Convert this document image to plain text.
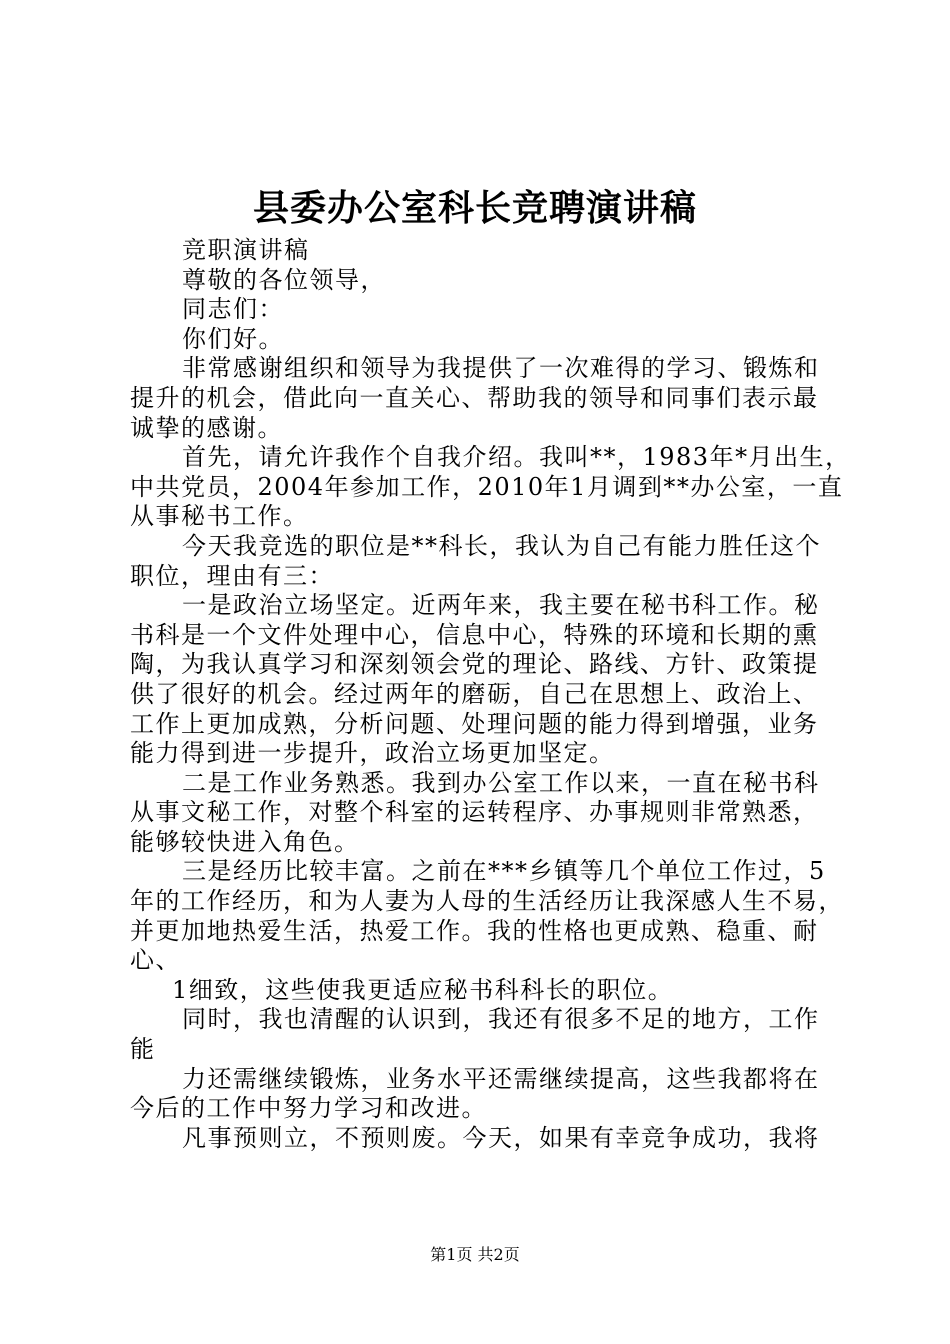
县委办公室科长竞聘演讲稿
竞职演讲稿
尊敬的各位领导，
同志们：
你们好。
非常感谢组织和领导为我提供了一次难得的学习、锻炼和
提升的机会，借此向一直关心、帮助我的领导和同事们表示最
诚挚的感谢。
首先，请允许我作个自我介绍。我叫**，1983年*月出生，
中共党员，2004年参加工作，2010年1月调到**办公室，一直
从事秘书工作。
今天我竞选的职位是**科长，我认为自己有能力胜任这个
职位，理由有三：
一是政治立场坚定。近两年来，我主要在秘书科工作。秘
书科是一个文件处理中心，信息中心，特殊的环境和长期的熏
陶，为我认真学习和深刻领会党的理论、路线、方针、政策提
供了很好的机会。经过两年的磨砺，自己在思想上、政治上、
工作上更加成熟，分析问题、处理问题的能力得到增强，业务
能力得到进一步提升，政治立场更加坚定。
二是工作业务熟悉。我到办公室工作以来，一直在秘书科
从事文秘工作，对整个科室的运转程序、办事规则非常熟悉，
能够较快进入角色。
三是经历比较丰富。之前在***乡镇等几个单位工作过，5
年的工作经历，和为人妻为人母的生活经历让我深感人生不易，
并更加地热爱生活，热爱工作。我的性格也更成熟、稳重、耐
心、
1细致，这些使我更适应秘书科科长的职位。
同时，我也清醒的认识到，我还有很多不足的地方，工作
能
力还需继续锻炼，业务水平还需继续提高，这些我都将在
今后的工作中努力学习和改进。
凡事预则立，不预则废。今天，如果有幸竞争成功，我将
第1页 共2页
